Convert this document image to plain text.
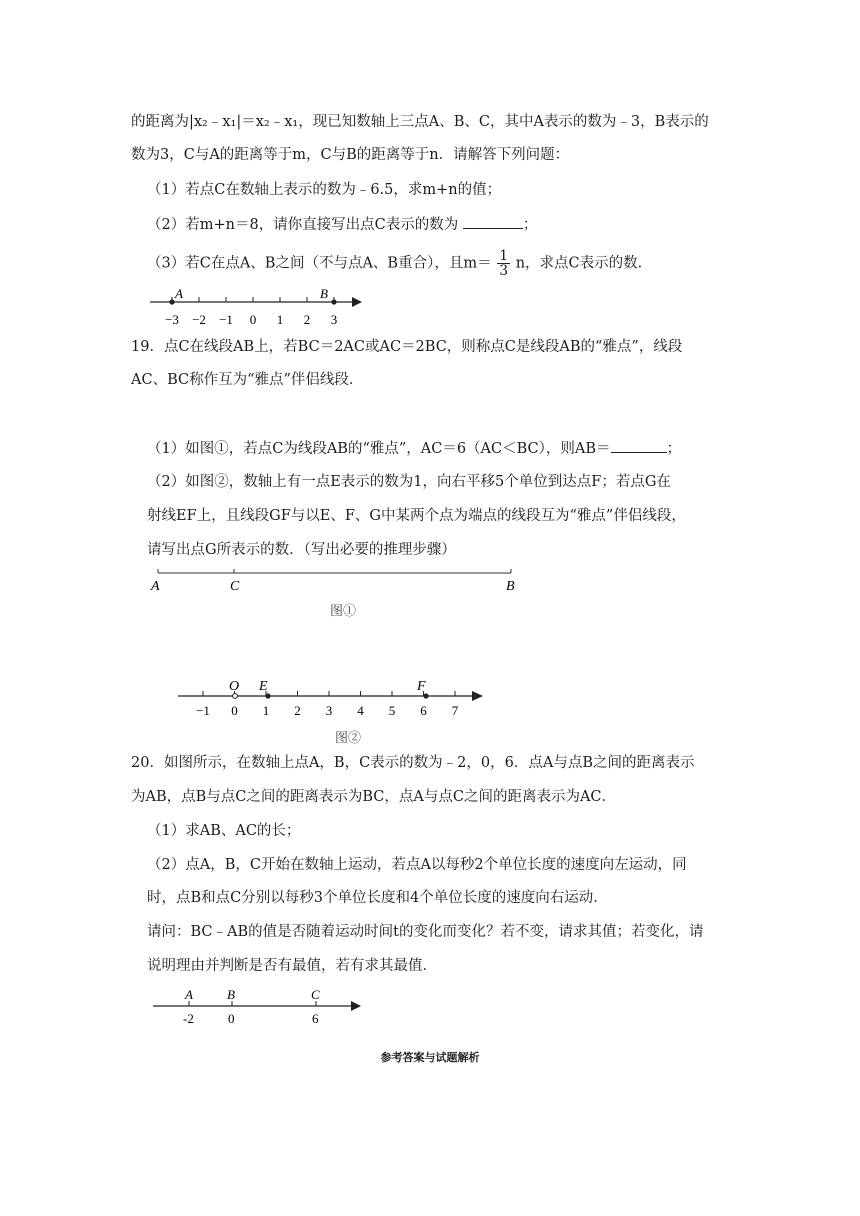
的距离为|x₂﹣x₁|＝x₂﹣x₁，现已知数轴上三点A、B、C，其中A表示的数为﹣3，B表示的
数为3，C与A的距离等于m，C与B的距离等于n．请解答下列问题：
（1）若点C在数轴上表示的数为﹣6.5，求m+n的值；
（2）若m+n＝8，请你直接写出点C表示的数为	；
（3）若C在点A、B之间（不与点A、B重合），且$m= \frac{1}{3}$ n，求点C表示的数．
−3 −2 −1 0 1 2 3
A	B
19．点C在线段AB上，若BC＝2AC或AC＝2BC，则称点C是线段AB的“雅点”，线段
AC、BC称作互为“雅点”伴侣线段．
（1）如图①，若点C为线段AB的“雅点”，AC＝6（AC＜BC），则AB＝	；
（2）如图②，数轴上有一点E表示的数为1，向右平移5个单位到达点F；若点G在
射线EF上，且线段GF与以E、F、G中某两个点为端点的线段互为“雅点”伴侣线段，
请写出点G所表示的数．（写出必要的推理步骤）
A	C	B
图①
−1 0 1 2 3 4 5 6 7
O E	F
图②
20．如图所示，在数轴上点A，B，C表示的数为﹣2，0，6．点A与点B之间的距离表示
为AB，点B与点C之间的距离表示为BC，点A与点C之间的距离表示为AC．
（1）求AB、AC的长；
（2）点A，B，C开始在数轴上运动，若点A以每秒2个单位长度的速度向左运动，同
时，点B和点C分别以每秒3个单位长度和4个单位长度的速度向右运动．
请问：BC﹣AB的值是否随着运动时间t的变化而变化？若不变，请求其值；若变化，请
说明理由并判断是否有最值，若有求其最值．
A	B	C
-2	0	6
参考答案与试题解析
